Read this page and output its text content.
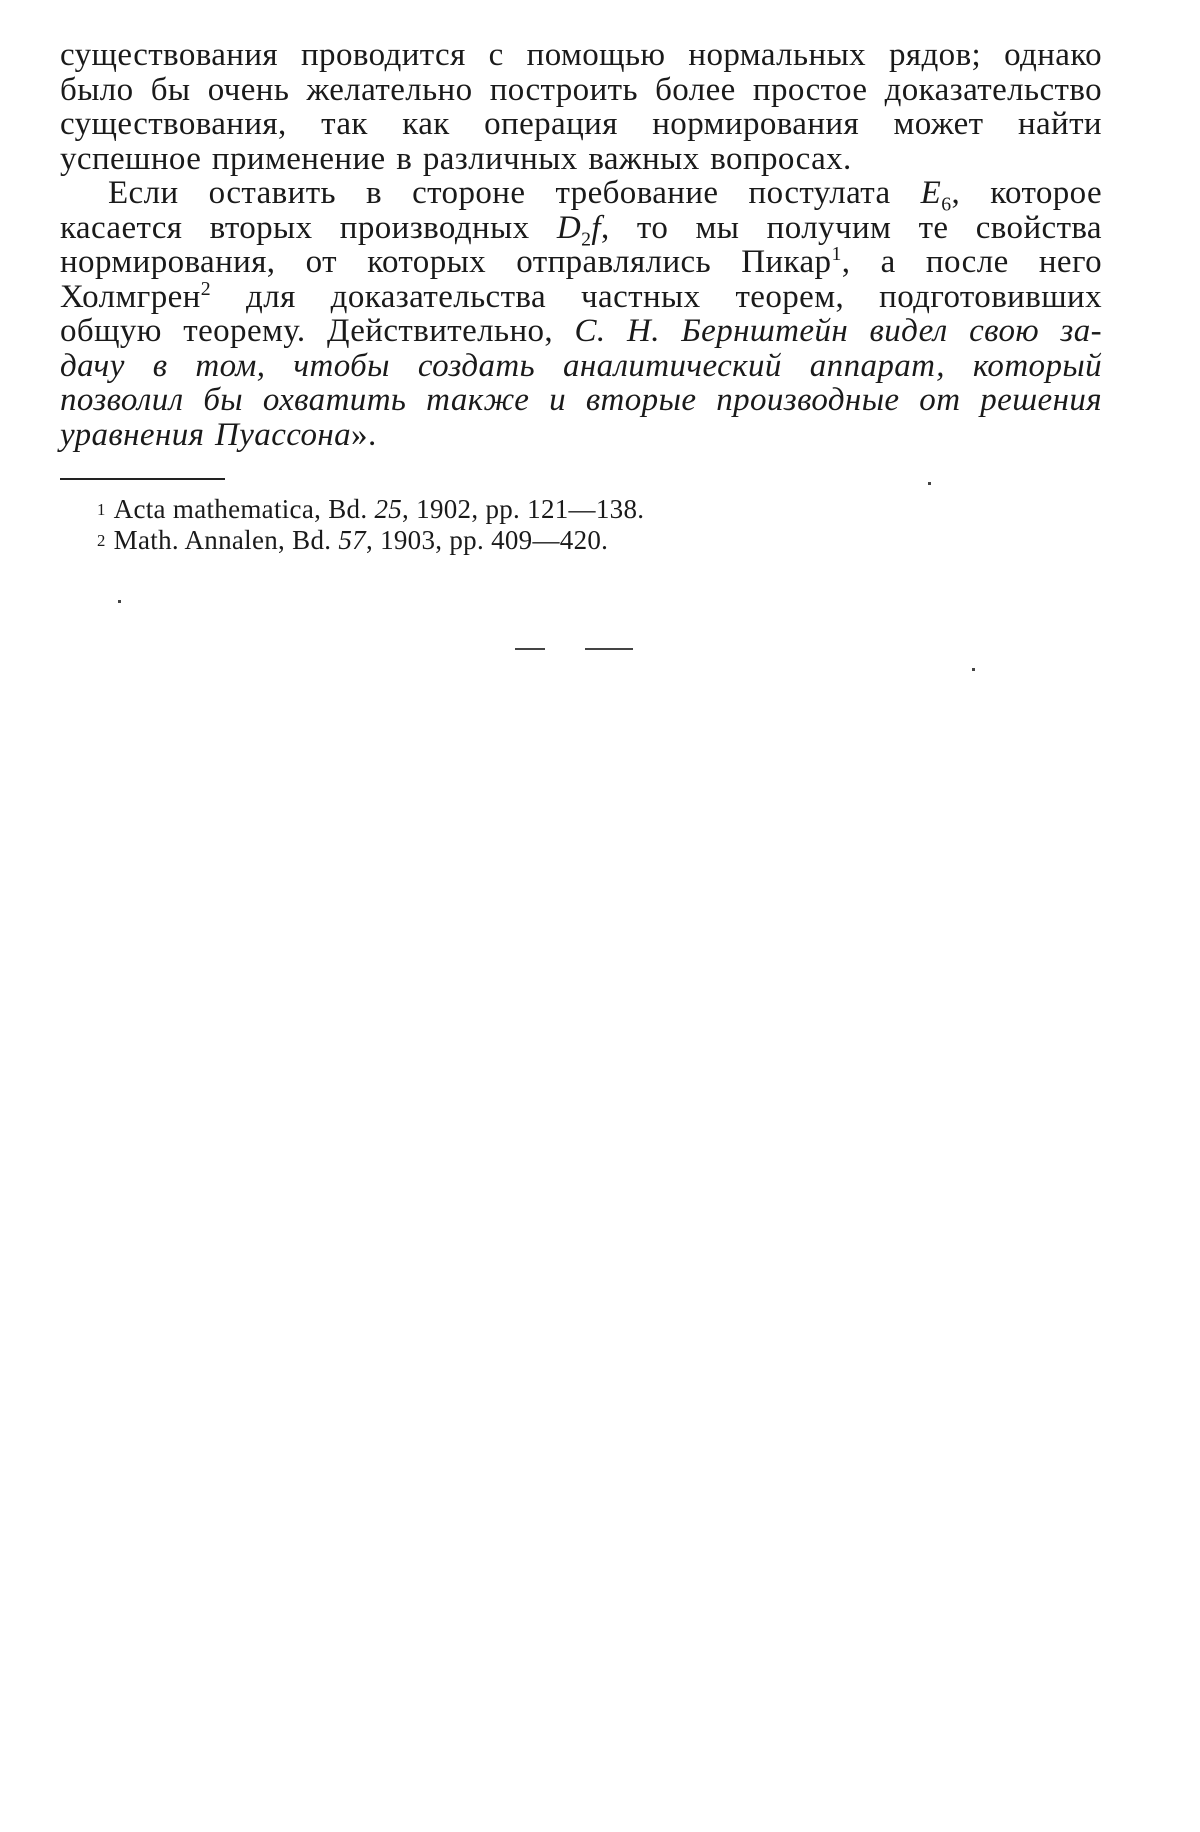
существования проводится с помощью нормальных рядов; однако
было бы очень желательно построить более простое доказательство
существования, так как операция нормирования может найти
успешное применение в различных важных вопросах.

Если оставить в стороне требование постулата $E_6$, которое
касается вторых производных $D_2f$, то мы получим те свойства
нормирования, от которых отправлялись Пикар$^1$, а после него
Холмгрен$^2$ для доказательства частных теорем, подготовивших
общую теорему. Действительно, С. Н. Бернштейн видел свою за-
дачу в том, чтобы создать аналитический аппарат, который
позволил бы охватить также и вторые производные от решения
уравнения Пуассона».

1 Acta mathematica, Bd. 25, 1902, pp. 121—138.
2 Math. Annalen, Bd. 57, 1903, pp. 409—420.
